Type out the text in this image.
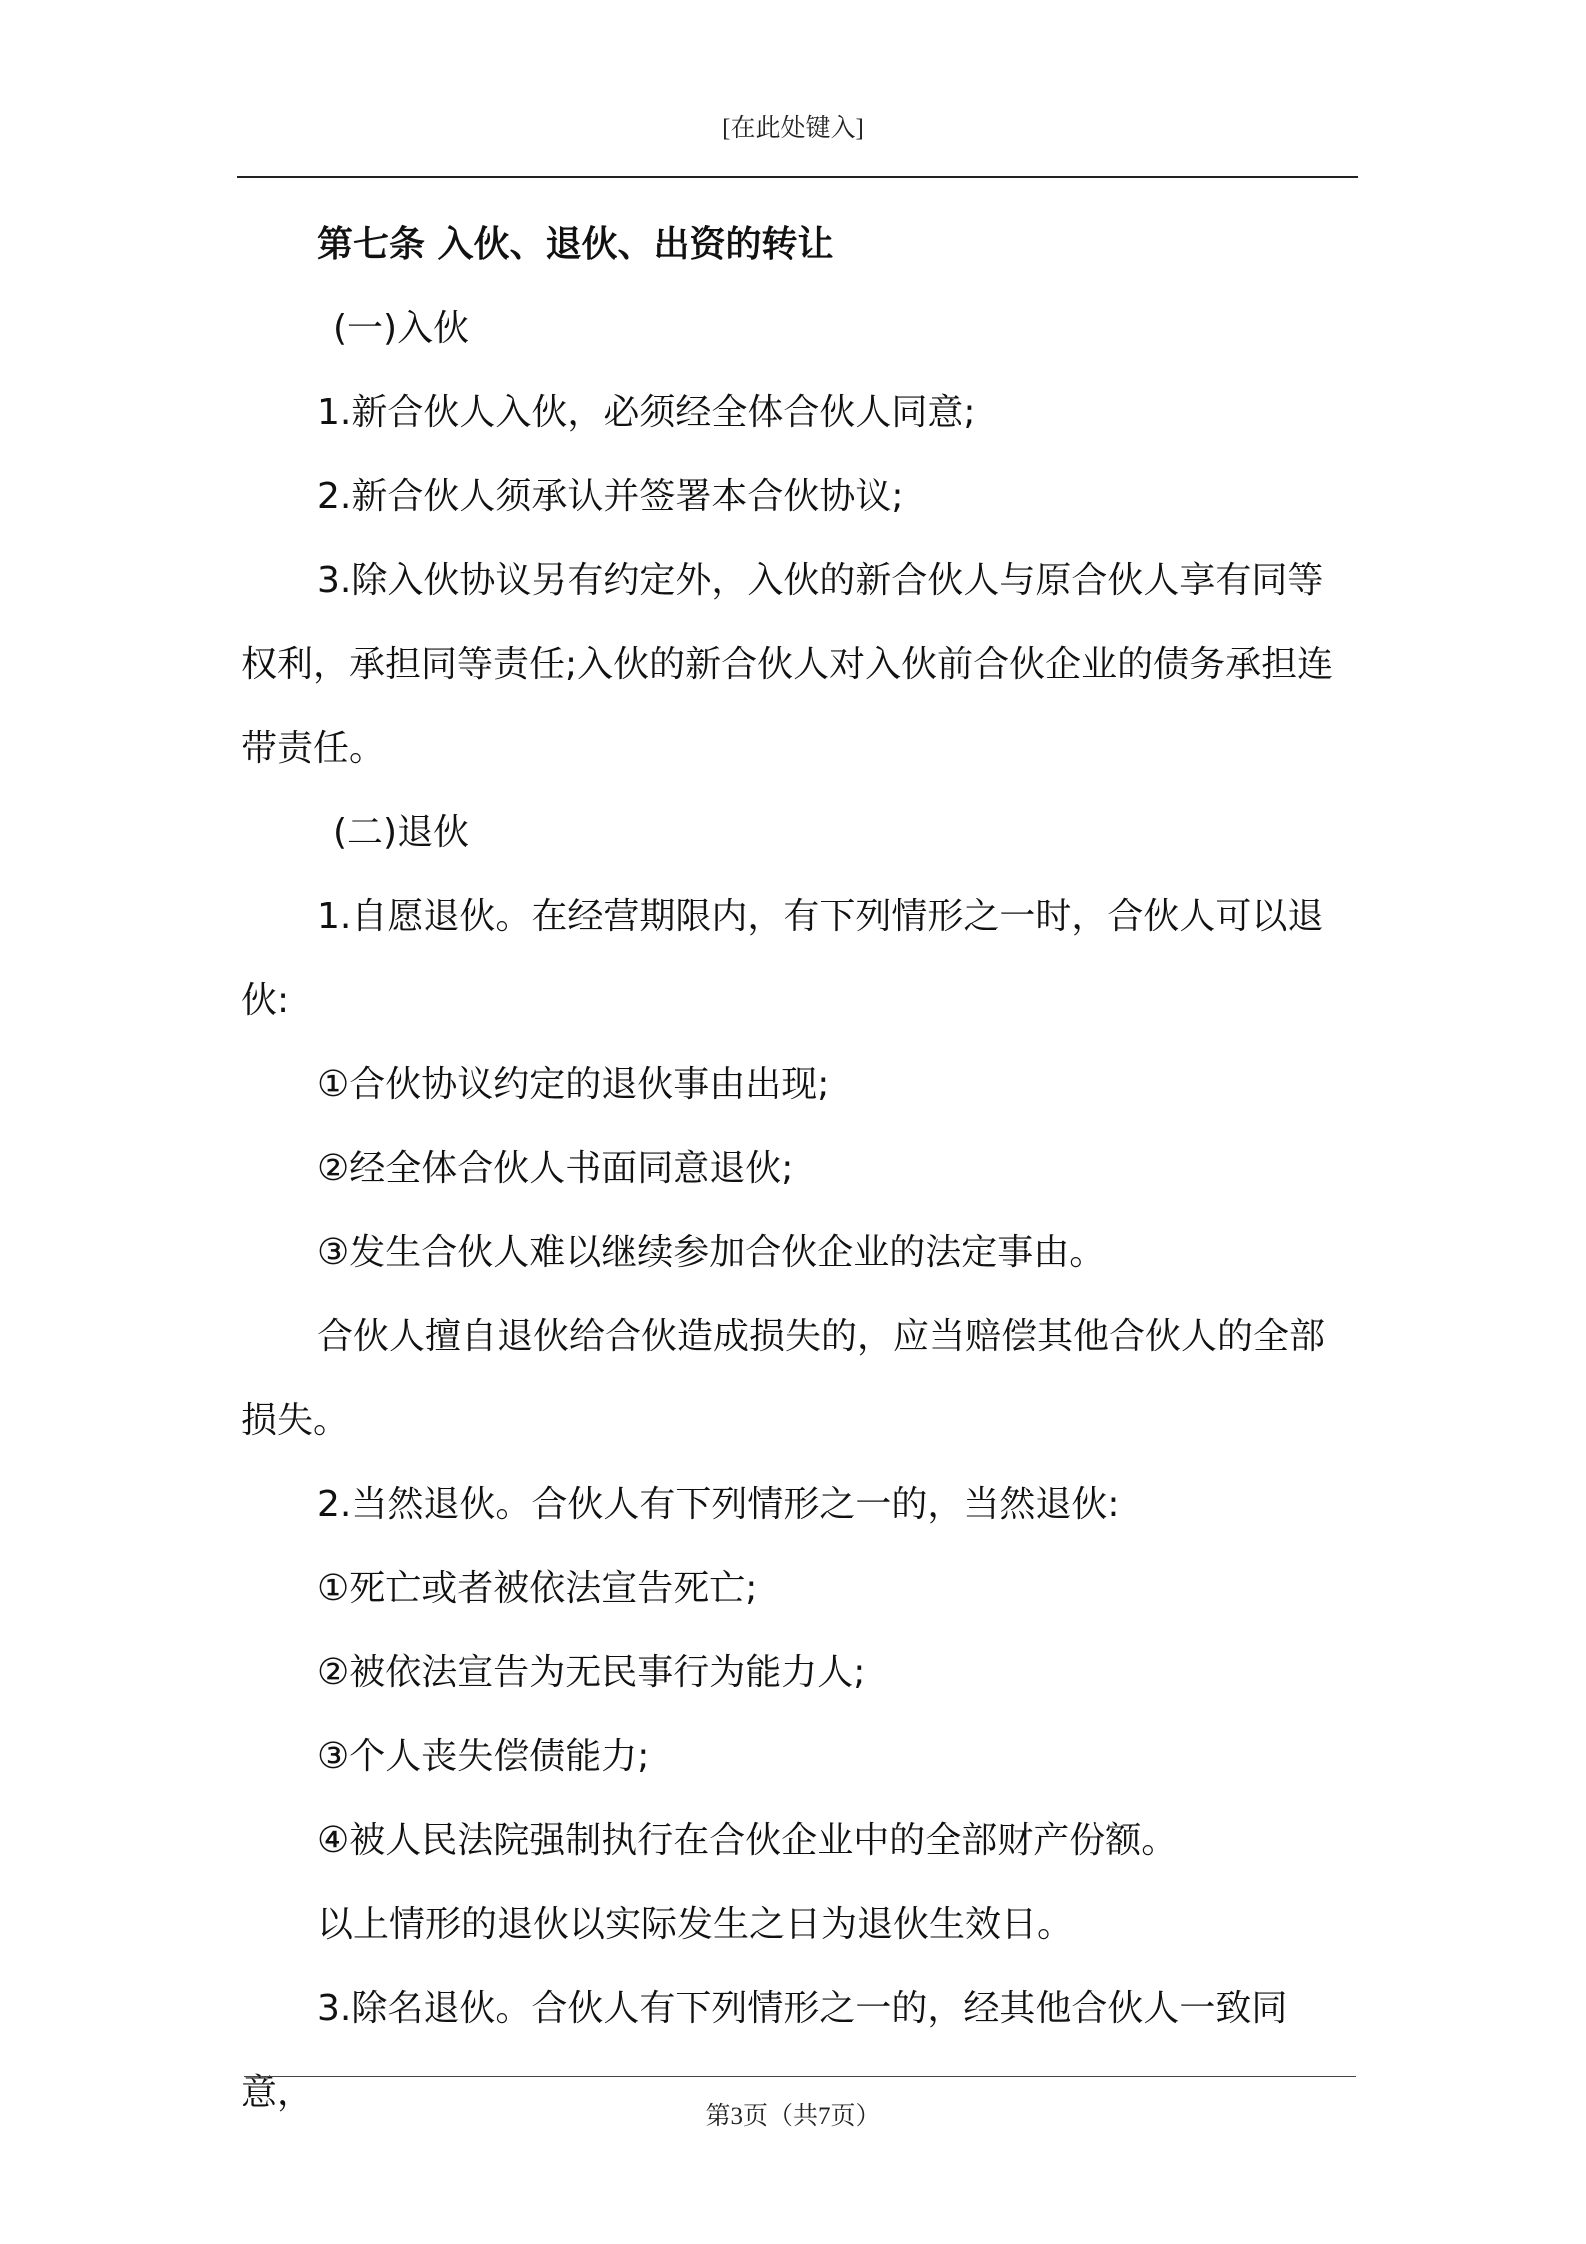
[在此处键入]

第七条 入伙、退伙、出资的转让

(一)入伙

1.新合伙人入伙，必须经全体合伙人同意;

2.新合伙人须承认并签署本合伙协议;

3.除入伙协议另有约定外，入伙的新合伙人与原合伙人享有同等权利，承担同等责任;入伙的新合伙人对入伙前合伙企业的债务承担连带责任。

(二)退伙

1.自愿退伙。在经营期限内，有下列情形之一时，合伙人可以退伙:

①合伙协议约定的退伙事由出现;

②经全体合伙人书面同意退伙;

③发生合伙人难以继续参加合伙企业的法定事由。

合伙人擅自退伙给合伙造成损失的，应当赔偿其他合伙人的全部损失。

2.当然退伙。合伙人有下列情形之一的，当然退伙:

①死亡或者被依法宣告死亡;

②被依法宣告为无民事行为能力人;

③个人丧失偿债能力;

④被人民法院强制执行在合伙企业中的全部财产份额。

以上情形的退伙以实际发生之日为退伙生效日。

3.除名退伙。合伙人有下列情形之一的，经其他合伙人一致同意，

第3页（共7页）
